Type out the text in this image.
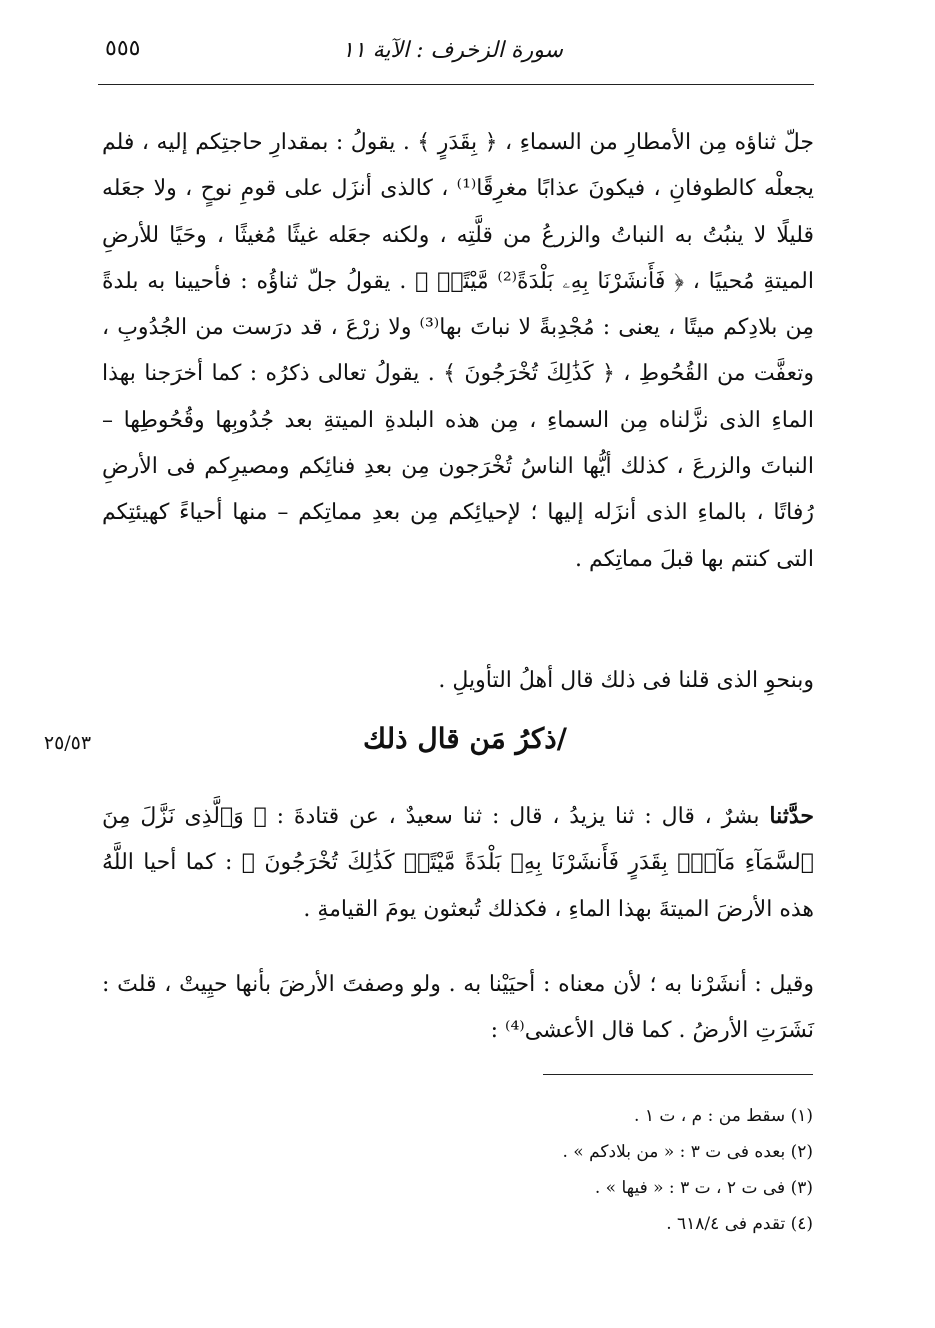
سورة الزخرف : الآية ١١
٥٥٥
جلّ ثناؤه مِن الأمطارِ من السماءِ ، ﴿ بِقَدَرٍ ﴾ . يقولُ : بمقدارِ حاجتِكم إليه ، فلم يجعلْه كالطوفانِ ، فيكونَ عذابًا مغرِقًا⁽¹⁾ ، كالذى أنزَل على قومِ نوحٍ ، ولا جعَله قليلًا لا ينبُتُ به النباتُ والزرعُ من قلَّتِه ، ولكنه جعَله غيثًا مُغيثًا ، وحَيًا للأرضِ الميتةِ مُحييًا ، ﴿ فَأَنشَرْنَا بِهِۦ بَلْدَةً⁽²⁾ مَّيْتًاۚ ﴾ . يقولُ جلّ ثناؤُه : فأحيينا به بلدةً مِن بلادِكم ميتًا ، يعنى : مُجْدِبةً لا نباتَ بها⁽³⁾ ولا زرْعَ ، قد درَست من الجُدُوبِ ، وتعفَّت من القُحُوطِ ، ﴿ كَذَٰلِكَ تُخْرَجُونَ ﴾ . يقولُ تعالى ذكرُه : كما أخرَجنا بهذا الماءِ الذى نزَّلناه مِن السماءِ ، مِن هذه البلدةِ الميتةِ بعد جُدُوبِها وقُحُوطِها – النباتَ والزرعَ ، كذلك أيُّها الناسُ تُخْرَجون مِن بعدِ فنائِكم ومصيرِكم فى الأرضِ رُفاتًا ، بالماءِ الذى أنزَله إليها ؛ لإحيائِكم مِن بعدِ مماتِكم – منها أحياءً كهيئتِكم التى كنتم بها قبلَ مماتِكم .
وبنحوِ الذى قلنا فى ذلك قال أهلُ التأويلِ .
٢٥/٥٣	/ذكرُ مَن قال ذلك
حدَّثنا بشرٌ ، قال : ثنا يزيدُ ، قال : ثنا سعيدٌ ، عن قتادةَ : ﴿ وَٱلَّذِى نَزَّلَ مِنَ ٱلسَّمَآءِ مَآءًۢ بِقَدَرٍ فَأَنشَرْنَا بِهِۦ بَلْدَةً مَّيْتًاۚ كَذَٰلِكَ تُخْرَجُونَ ﴾ : كما أحيا اللَّهُ هذه الأرضَ الميتةَ بهذا الماءِ ، فكذلك تُبعثون يومَ القيامةِ .
وقيل : أنشَرْنا به ؛ لأن معناه : أحيَيْنا به . ولو وصفتَ الأرضَ بأنها حيِيتْ ، قلتَ : نَشَرَتِ الأرضُ . كما قال الأعشى⁽⁴⁾ :
(١) سقط من : م ، ت ١ .
(٢) بعده فى ت ٣ : « من بلادكم » .
(٣) فى ت ٢ ، ت ٣ : « فيها » .
(٤) تقدم فى ٦١٨/٤ .
